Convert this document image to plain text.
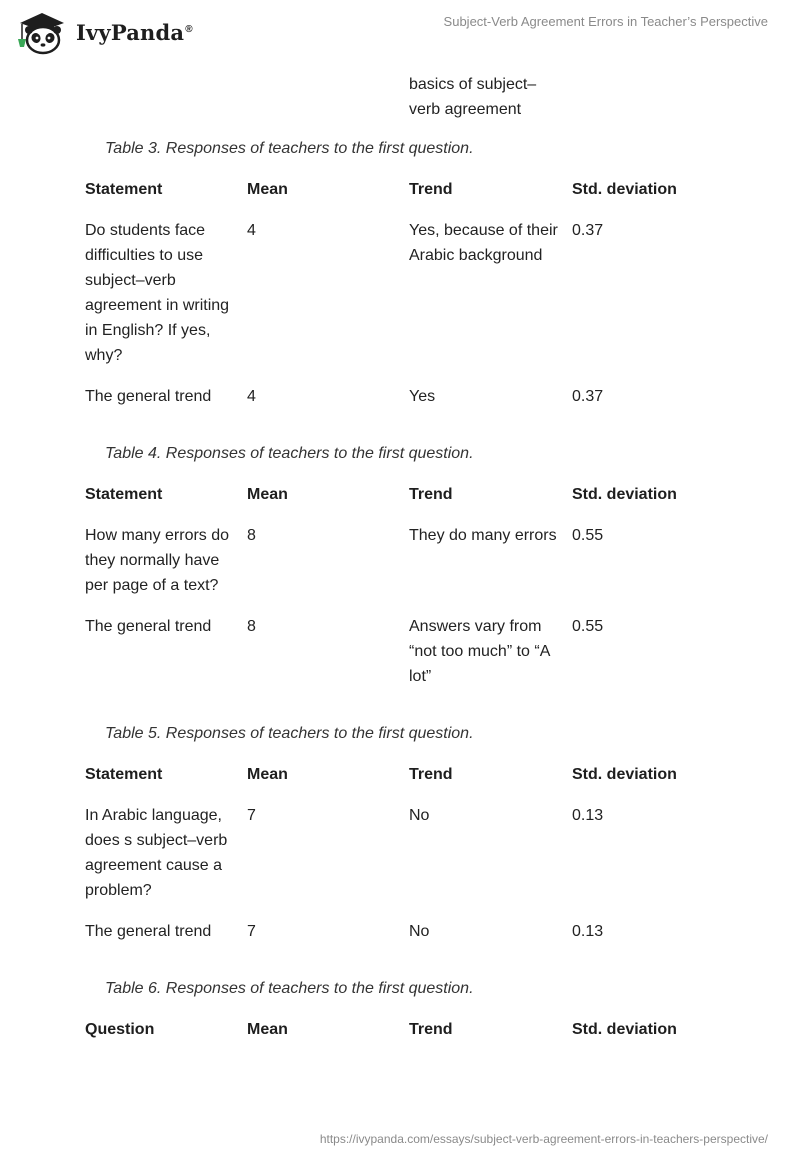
IvyPanda®	Subject-Verb Agreement Errors in Teacher’s Perspective
basics of subject–verb agreement
Table 3. Responses of teachers to the first question.
Statement	Mean	Trend	Std. deviation
Do students face difficulties to use subject–verb agreement in writing in English? If yes, why?	4	Yes, because of their Arabic background	0.37
The general trend	4	Yes	0.37
Table 4. Responses of teachers to the first question.
Statement	Mean	Trend	Std. deviation
How many errors do they normally have per page of a text?	8	They do many errors	0.55
The general trend	8	Answers vary from “not too much” to “A lot”	0.55
Table 5. Responses of teachers to the first question.
Statement	Mean	Trend	Std. deviation
In Arabic language, does s subject–verb agreement cause a problem?	7	No	0.13
The general trend	7	No	0.13
Table 6. Responses of teachers to the first question.
Question	Mean	Trend	Std. deviation
https://ivypanda.com/essays/subject-verb-agreement-errors-in-teachers-perspective/
